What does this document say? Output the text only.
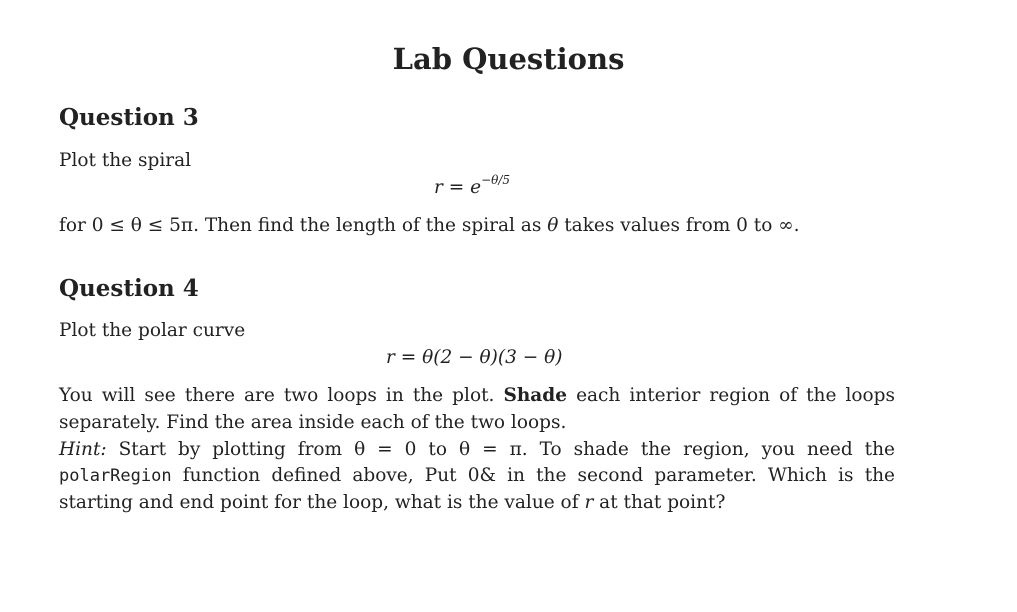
Lab Questions
Question 3
Plot the spiral
$r = e^{-\theta/5}$
for 0 ≤ θ ≤ 5π. Then find the length of the spiral as θ takes values from 0 to ∞.
Question 4
Plot the polar curve
r = θ(2 − θ)(3 − θ)
You will see there are two loops in the plot. Shade each interior region of the loops
separately. Find the area inside each of the two loops.
Hint: Start by plotting from θ = 0 to θ = π. To shade the region, you need the
polarRegion function defined above, Put 0& in the second parameter. Which is the
starting and end point for the loop, what is the value of r at that point?
